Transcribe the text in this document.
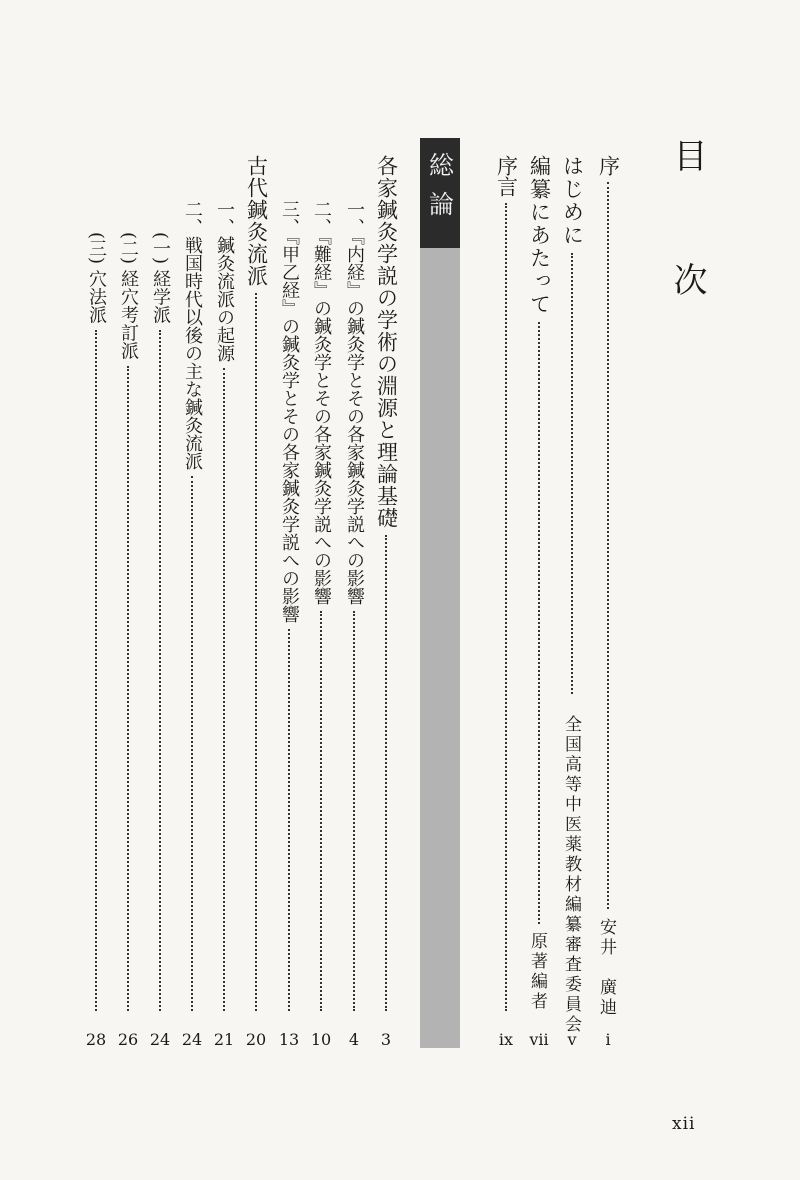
目　次
序
安井　廣迪
i
はじめに
全国高等中医薬教材編纂審査委員会
v
編纂にあたって
原著編者
vii
序言
ix
総論
各家鍼灸学説の学術の淵源と理論基礎
3
一、『内経』の鍼灸学とその各家鍼灸学説への影響
4
二、『難経』の鍼灸学とその各家鍼灸学説への影響
10
三、『甲乙経』の鍼灸学とその各家鍼灸学説への影響
13
古代鍼灸流派
20
一、鍼灸流派の起源
21
二、戦国時代以後の主な鍼灸流派
24
(一) 経学派
24
(二) 経穴考訂派
26
(三) 穴法派
28
xii
